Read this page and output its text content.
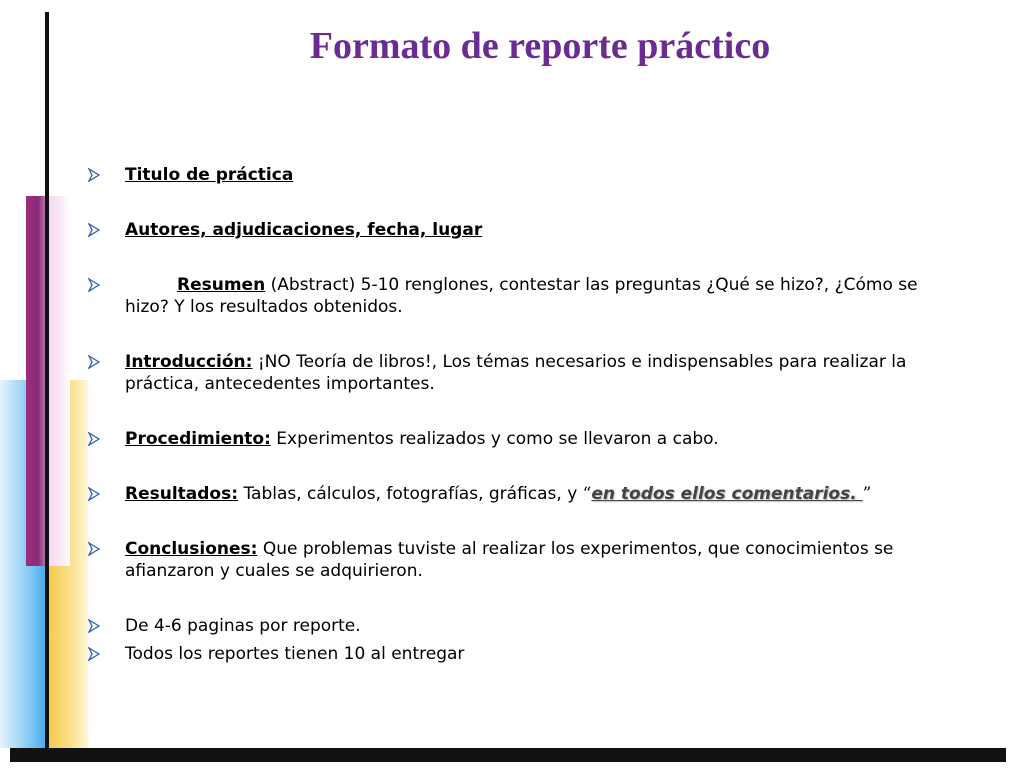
Formato de reporte práctico
Titulo de práctica
Autores, adjudicaciones, fecha, lugar
Resumen (Abstract) 5-10 renglones, contestar las preguntas ¿Qué se hizo?, ¿Cómo se hizo? Y los resultados obtenidos.
Introducción: ¡NO Teoría de libros!, Los témas necesarios e indispensables para realizar la práctica, antecedentes importantes.
Procedimiento: Experimentos realizados y como se llevaron a cabo.
Resultados: Tablas, cálculos, fotografías, gráficas, y “en todos ellos comentarios. ”
Conclusiones: Que problemas tuviste al realizar los experimentos, que conocimientos se afianzaron y cuales se adquirieron.
De 4-6 paginas por reporte.
Todos los reportes tienen 10 al entregar
